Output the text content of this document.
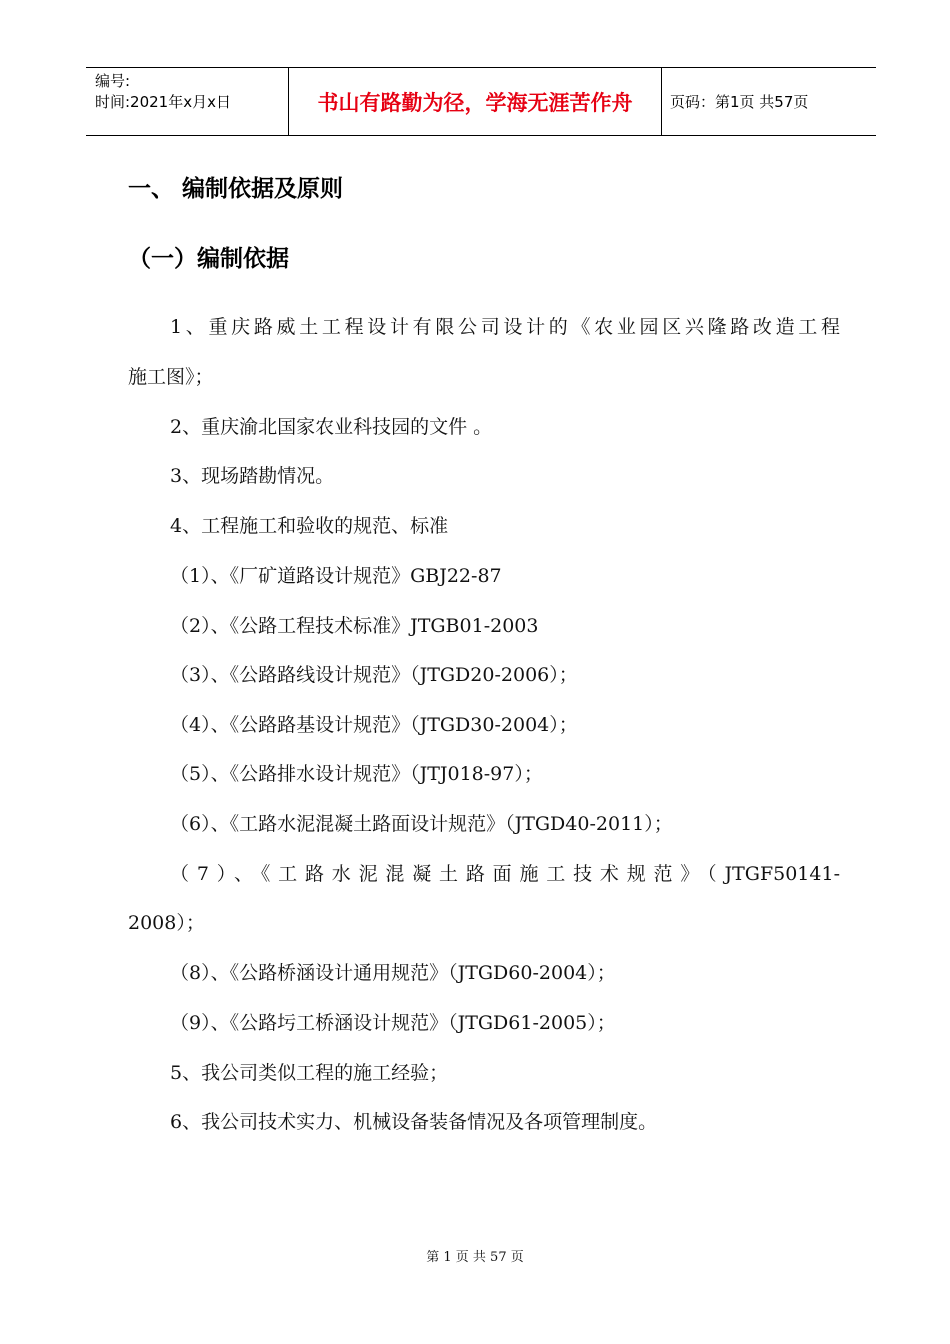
编号:
时间:2021年x月x日	书山有路勤为径，学海无涯苦作舟	页码：第1页 共57页
一、 编制依据及原则
（一）编制依据
1、重庆路威土工程设计有限公司设计的《农业园区兴隆路改造工程
施工图》；
2、重庆渝北国家农业科技园的文件 。
3、现场踏勘情况。
4、工程施工和验收的规范、标准
（1）、《厂矿道路设计规范》GBJ22-87
（2）、《公路工程技术标准》JTGB01-2003
（3）、《公路路线设计规范》（JTGD20-2006）；
（4）、《公路路基设计规范》（JTGD30-2004）；
（5）、《公路排水设计规范》（JTJ018-97）；
（6）、《工路水泥混凝土路面设计规范》（JTGD40-2011）；
（7）、《工路水泥混凝土路面施工技术规范》（JTGF50141-
2008）；
（8）、《公路桥涵设计通用规范》（JTGD60-2004）；
（9）、《公路圬工桥涵设计规范》（JTGD61-2005）；
5、我公司类似工程的施工经验；
6、我公司技术实力、机械设备装备情况及各项管理制度。
第 1 页 共 57 页
